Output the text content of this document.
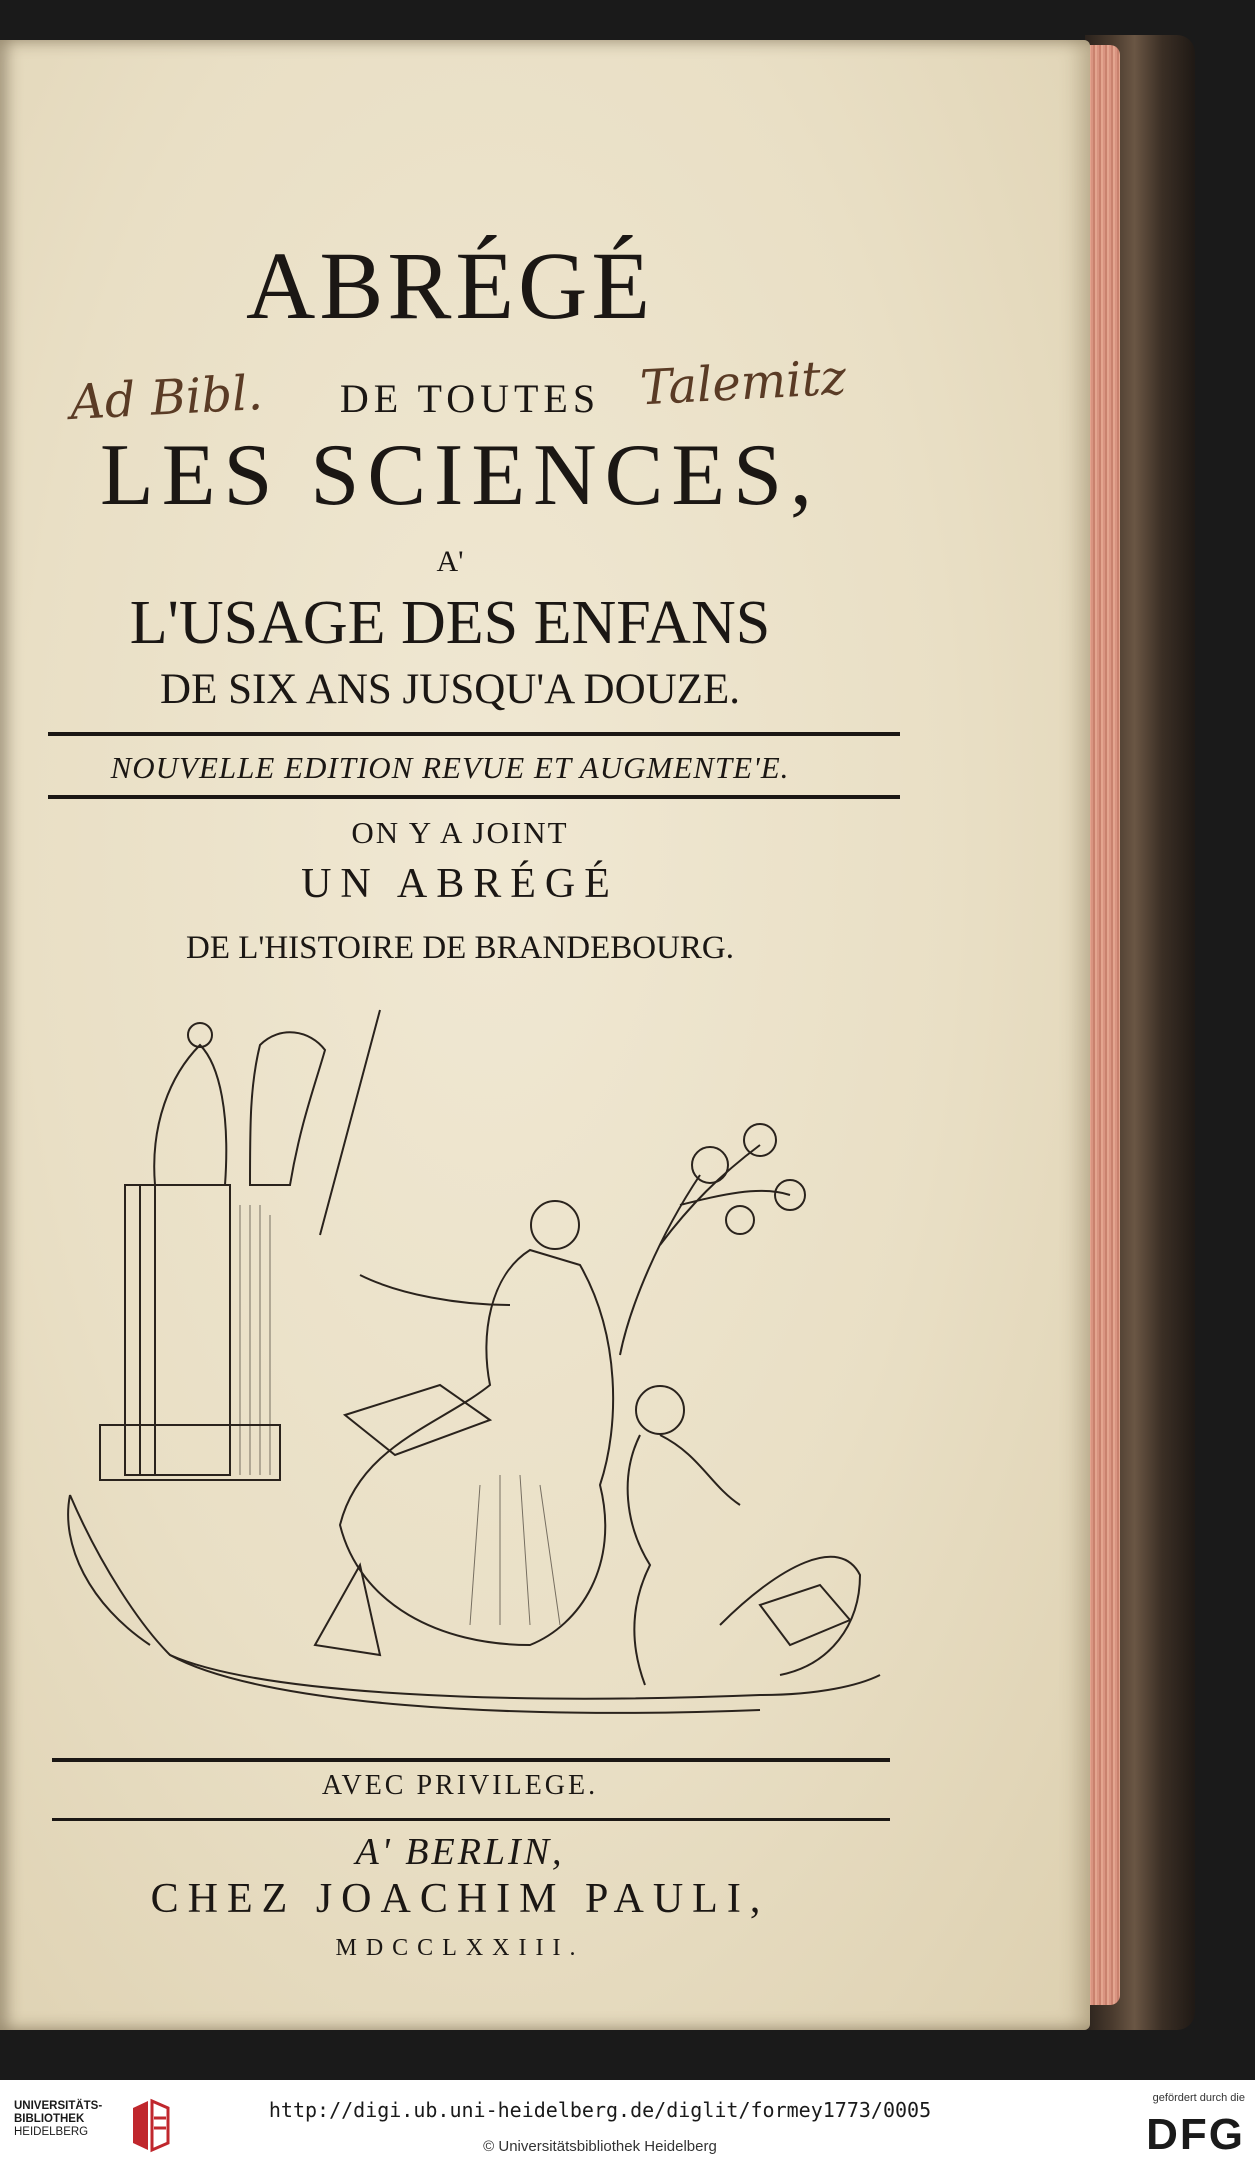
Ad Bibl.	Talemitz
ABRÉGÉ
DE TOUTES
LES SCIENCES,
A'
L'USAGE DES ENFANS
DE SIX ANS JUSQU'A DOUZE.
NOUVELLE EDITION REVUE ET AUGMENTE'E.
ON Y A JOINT
UN ABRÉGÉ
DE L'HISTOIRE DE BRANDEBOURG.
AVEC PRIVILEGE.
A' BERLIN,
CHEZ JOACHIM PAULI,
MDCCLXXIII.
UNIVERSITÄTS-
BIBLIOTHEK
HEIDELBERG
http://digi.ub.uni-heidelberg.de/diglit/formey1773/0005
© Universitätsbibliothek Heidelberg
gefördert durch die
DFG
